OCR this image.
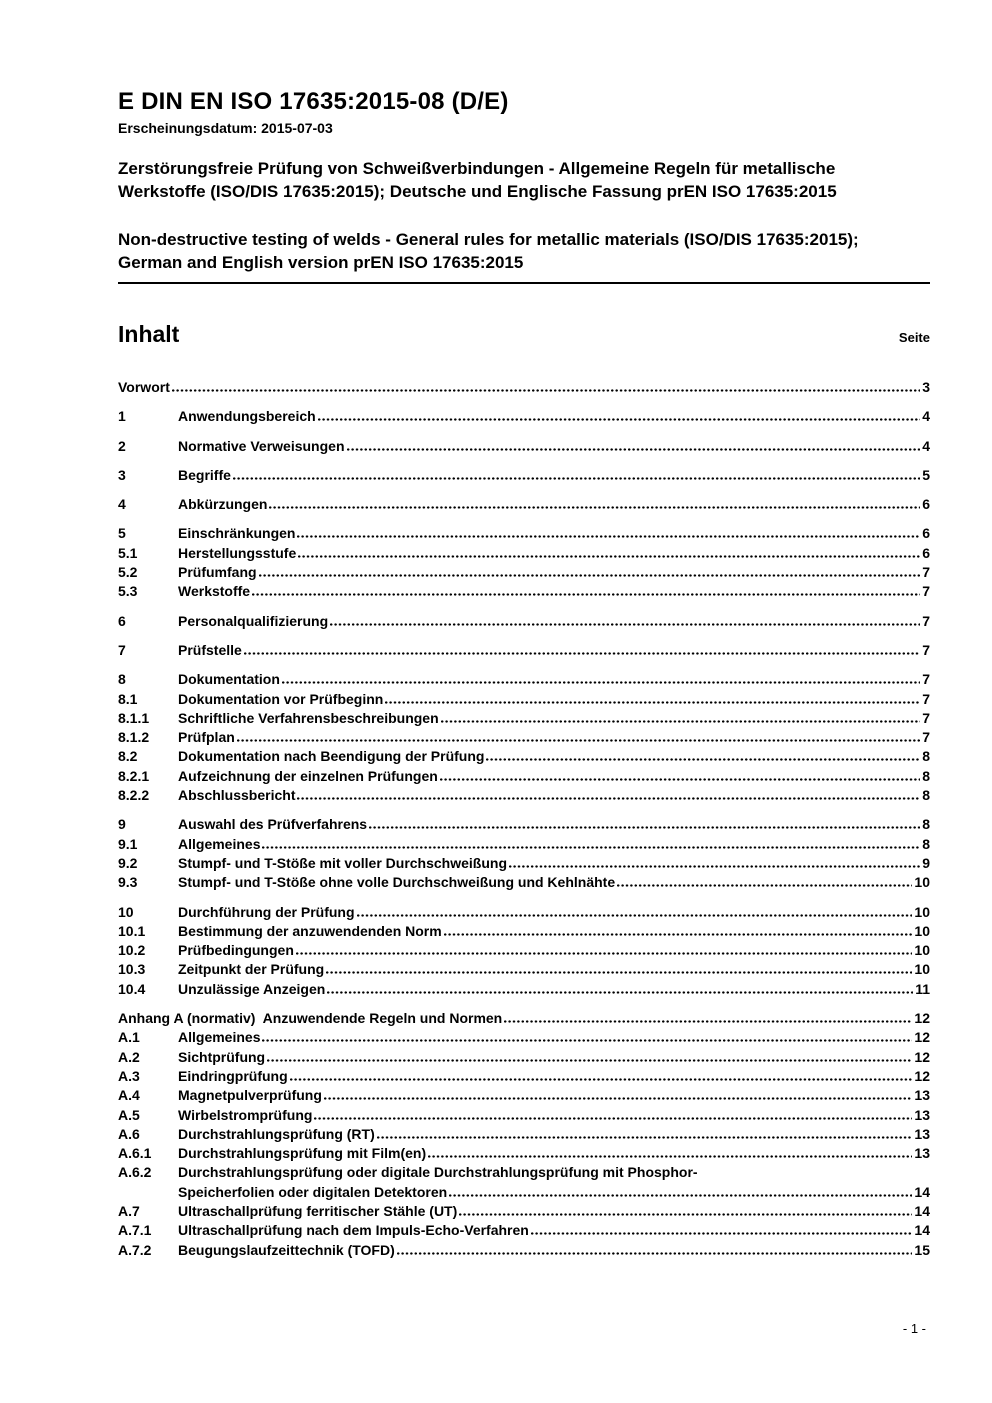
E DIN EN ISO 17635:2015-08 (D/E)
Erscheinungsdatum: 2015-07-03
Zerstörungsfreie Prüfung von Schweißverbindungen - Allgemeine Regeln für metallische Werkstoffe (ISO/DIS 17635:2015); Deutsche und Englische Fassung prEN ISO 17635:2015
Non-destructive testing of welds - General rules for metallic materials (ISO/DIS 17635:2015); German and English version prEN ISO 17635:2015
Inhalt	Seite
Vorwort	3
1	Anwendungsbereich	4
2	Normative Verweisungen	4
3	Begriffe	5
4	Abkürzungen	6
5	Einschränkungen	6
5.1	Herstellungsstufe	6
5.2	Prüfumfang	7
5.3	Werkstoffe	7
6	Personalqualifizierung	7
7	Prüfstelle	7
8	Dokumentation	7
8.1	Dokumentation vor Prüfbeginn	7
8.1.1	Schriftliche Verfahrensbeschreibungen	7
8.1.2	Prüfplan	7
8.2	Dokumentation nach Beendigung der Prüfung	8
8.2.1	Aufzeichnung der einzelnen Prüfungen	8
8.2.2	Abschlussbericht	8
9	Auswahl des Prüfverfahrens	8
9.1	Allgemeines	8
9.2	Stumpf- und T-Stöße mit voller Durchschweißung	9
9.3	Stumpf- und T-Stöße ohne volle Durchschweißung und Kehlnähte	10
10	Durchführung der Prüfung	10
10.1	Bestimmung der anzuwendenden Norm	10
10.2	Prüfbedingungen	10
10.3	Zeitpunkt der Prüfung	10
10.4	Unzulässige Anzeigen	11
Anhang A (normativ)  Anzuwendende Regeln und Normen	12
A.1	Allgemeines	12
A.2	Sichtprüfung	12
A.3	Eindringprüfung	12
A.4	Magnetpulverprüfung	13
A.5	Wirbelstromprüfung	13
A.6	Durchstrahlungsprüfung (RT)	13
A.6.1	Durchstrahlungsprüfung mit Film(en)	13
A.6.2	Durchstrahlungsprüfung oder digitale Durchstrahlungsprüfung mit Phosphor-
Speicherfolien oder digitalen Detektoren	14
A.7	Ultraschallprüfung ferritischer Stähle (UT)	14
A.7.1	Ultraschallprüfung nach dem Impuls-Echo-Verfahren	14
A.7.2	Beugungslaufzeittechnik (TOFD)	15
- 1 -
